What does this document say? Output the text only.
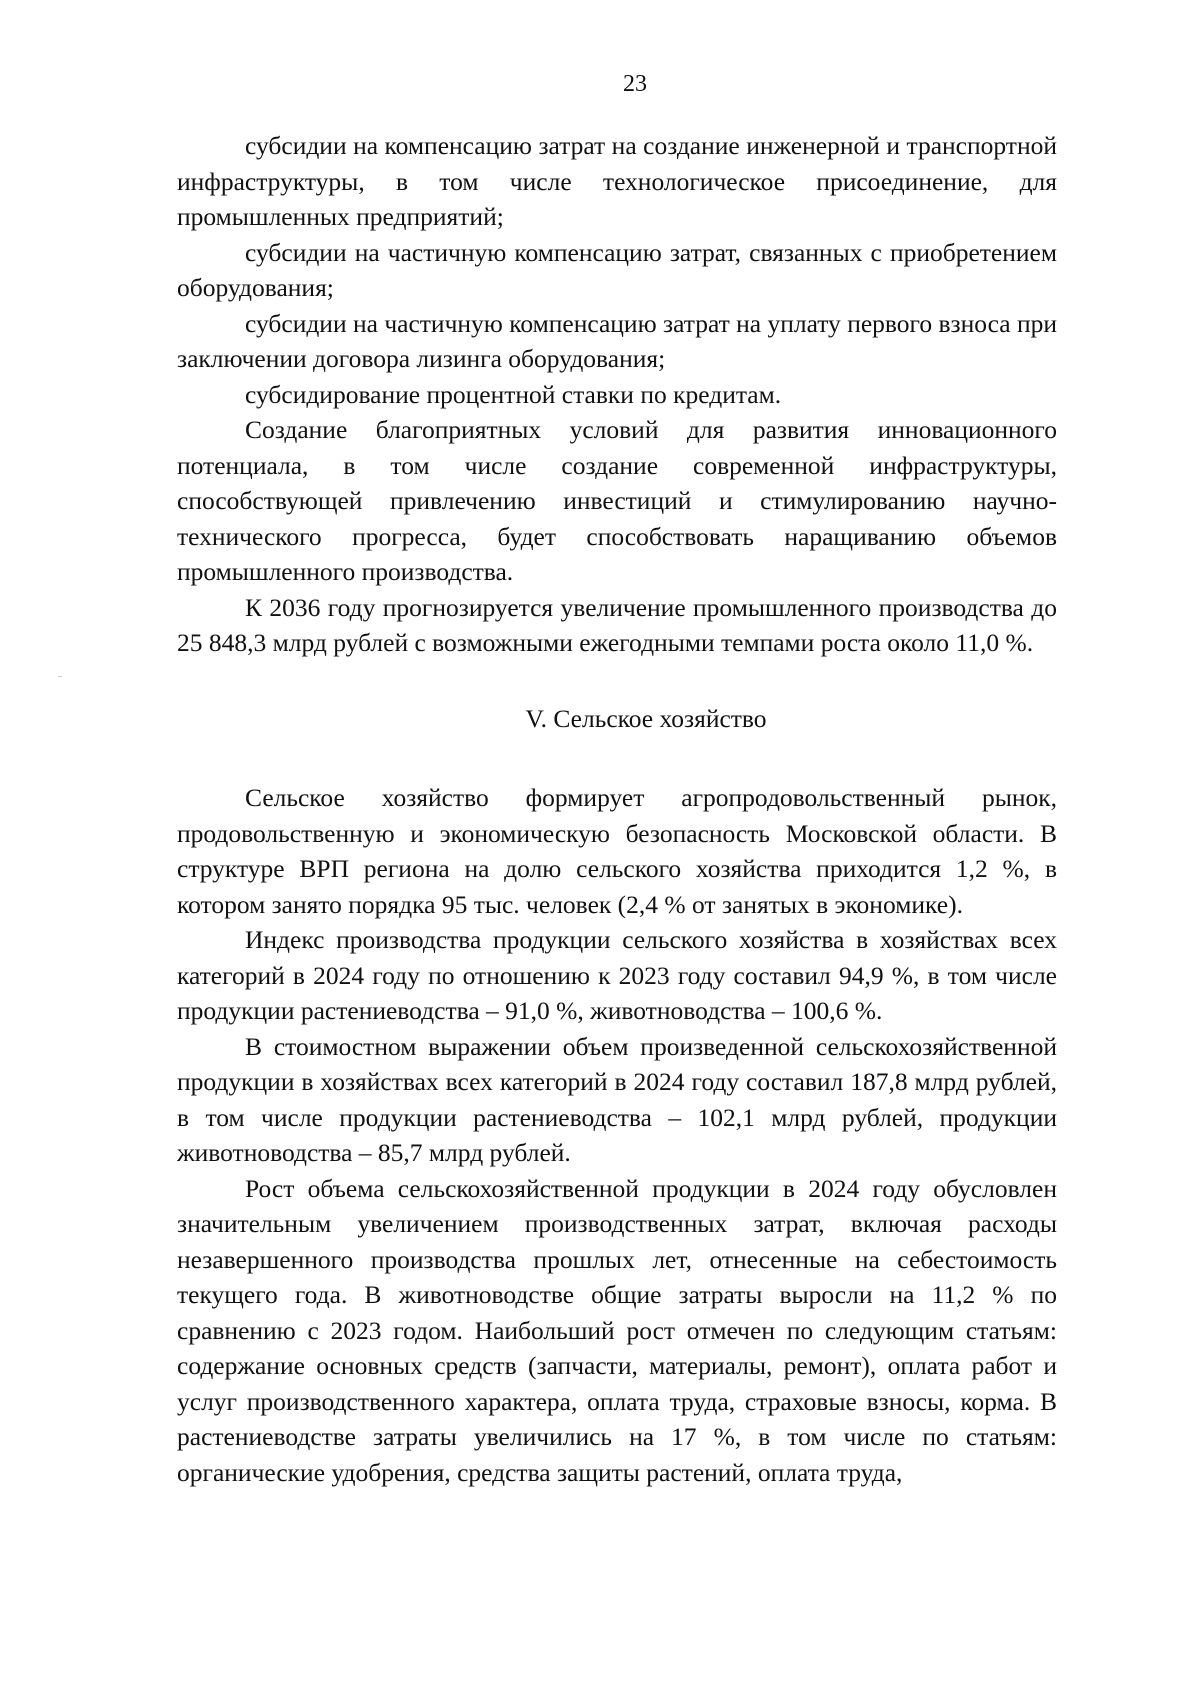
23

субсидии на компенсацию затрат на создание инженерной и транспортной инфраструктуры, в том числе технологическое присоединение, для промышленных предприятий;

субсидии на частичную компенсацию затрат, связанных с приобретением оборудования;

субсидии на частичную компенсацию затрат на уплату первого взноса при заключении договора лизинга оборудования;

субсидирование процентной ставки по кредитам.

Создание благоприятных условий для развития инновационного потенциала, в том числе создание современной инфраструктуры, способствующей привлечению инвестиций и стимулированию научно-технического прогресса, будет способствовать наращиванию объемов промышленного производства.

К 2036 году прогнозируется увеличение промышленного производства до 25 848,3 млрд рублей с возможными ежегодными темпами роста около 11,0 %.

V. Сельское хозяйство

Сельское хозяйство формирует агропродовольственный рынок, продовольственную и экономическую безопасность Московской области. В структуре ВРП региона на долю сельского хозяйства приходится 1,2 %, в котором занято порядка 95 тыс. человек (2,4 % от занятых в экономике).

Индекс производства продукции сельского хозяйства в хозяйствах всех категорий в 2024 году по отношению к 2023 году составил 94,9 %, в том числе продукции растениеводства – 91,0 %, животноводства – 100,6 %.

В стоимостном выражении объем произведенной сельскохозяйственной продукции в хозяйствах всех категорий в 2024 году составил 187,8 млрд рублей, в том числе продукции растениеводства – 102,1 млрд рублей, продукции животноводства – 85,7 млрд рублей.

Рост объема сельскохозяйственной продукции в 2024 году обусловлен значительным увеличением производственных затрат, включая расходы незавершенного производства прошлых лет, отнесенные на себестоимость текущего года. В животноводстве общие затраты выросли на 11,2 % по сравнению с 2023 годом. Наибольший рост отмечен по следующим статьям: содержание основных средств (запчасти, материалы, ремонт), оплата работ и услуг производственного характера, оплата труда, страховые взносы, корма. В растениеводстве затраты увеличились на 17 %, в том числе по статьям: органические удобрения, средства защиты растений, оплата труда,
